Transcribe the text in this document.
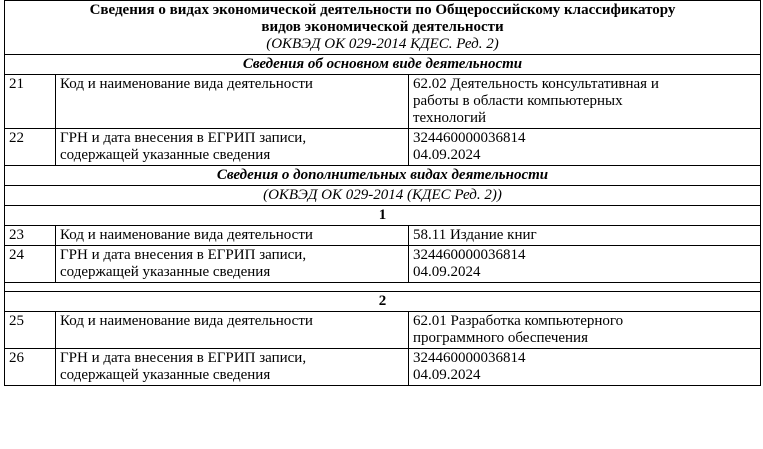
Сведения о видах экономической деятельности по Общероссийскому классификатору
видов экономической деятельности
(ОКВЭД ОК 029-2014 КДЕС. Ред. 2)		

Сведения об основном виде деятельности		
21	Код и наименование вида деятельности	62.02 Деятельность консультативная и
работы в области компьютерных
технологий

22	ГРН и дата внесения в ЕГРИП записи,
содержащей указанные сведения	324460000036814
04.09.2024

Сведения о дополнительных видах деятельности		
(ОКВЭД ОК 029-2014 (КДЕС Ред. 2))		
1		
23	Код и наименование вида деятельности	58.11 Издание книг

24	ГРН и дата внесения в ЕГРИП записи,
содержащей указанные сведения	324460000036814
04.09.2024

2		
25	Код и наименование вида деятельности	62.01 Разработка компьютерного
программного обеспечения

26	ГРН и дата внесения в ЕГРИП записи,
содержащей указанные сведения	324460000036814
04.09.2024
